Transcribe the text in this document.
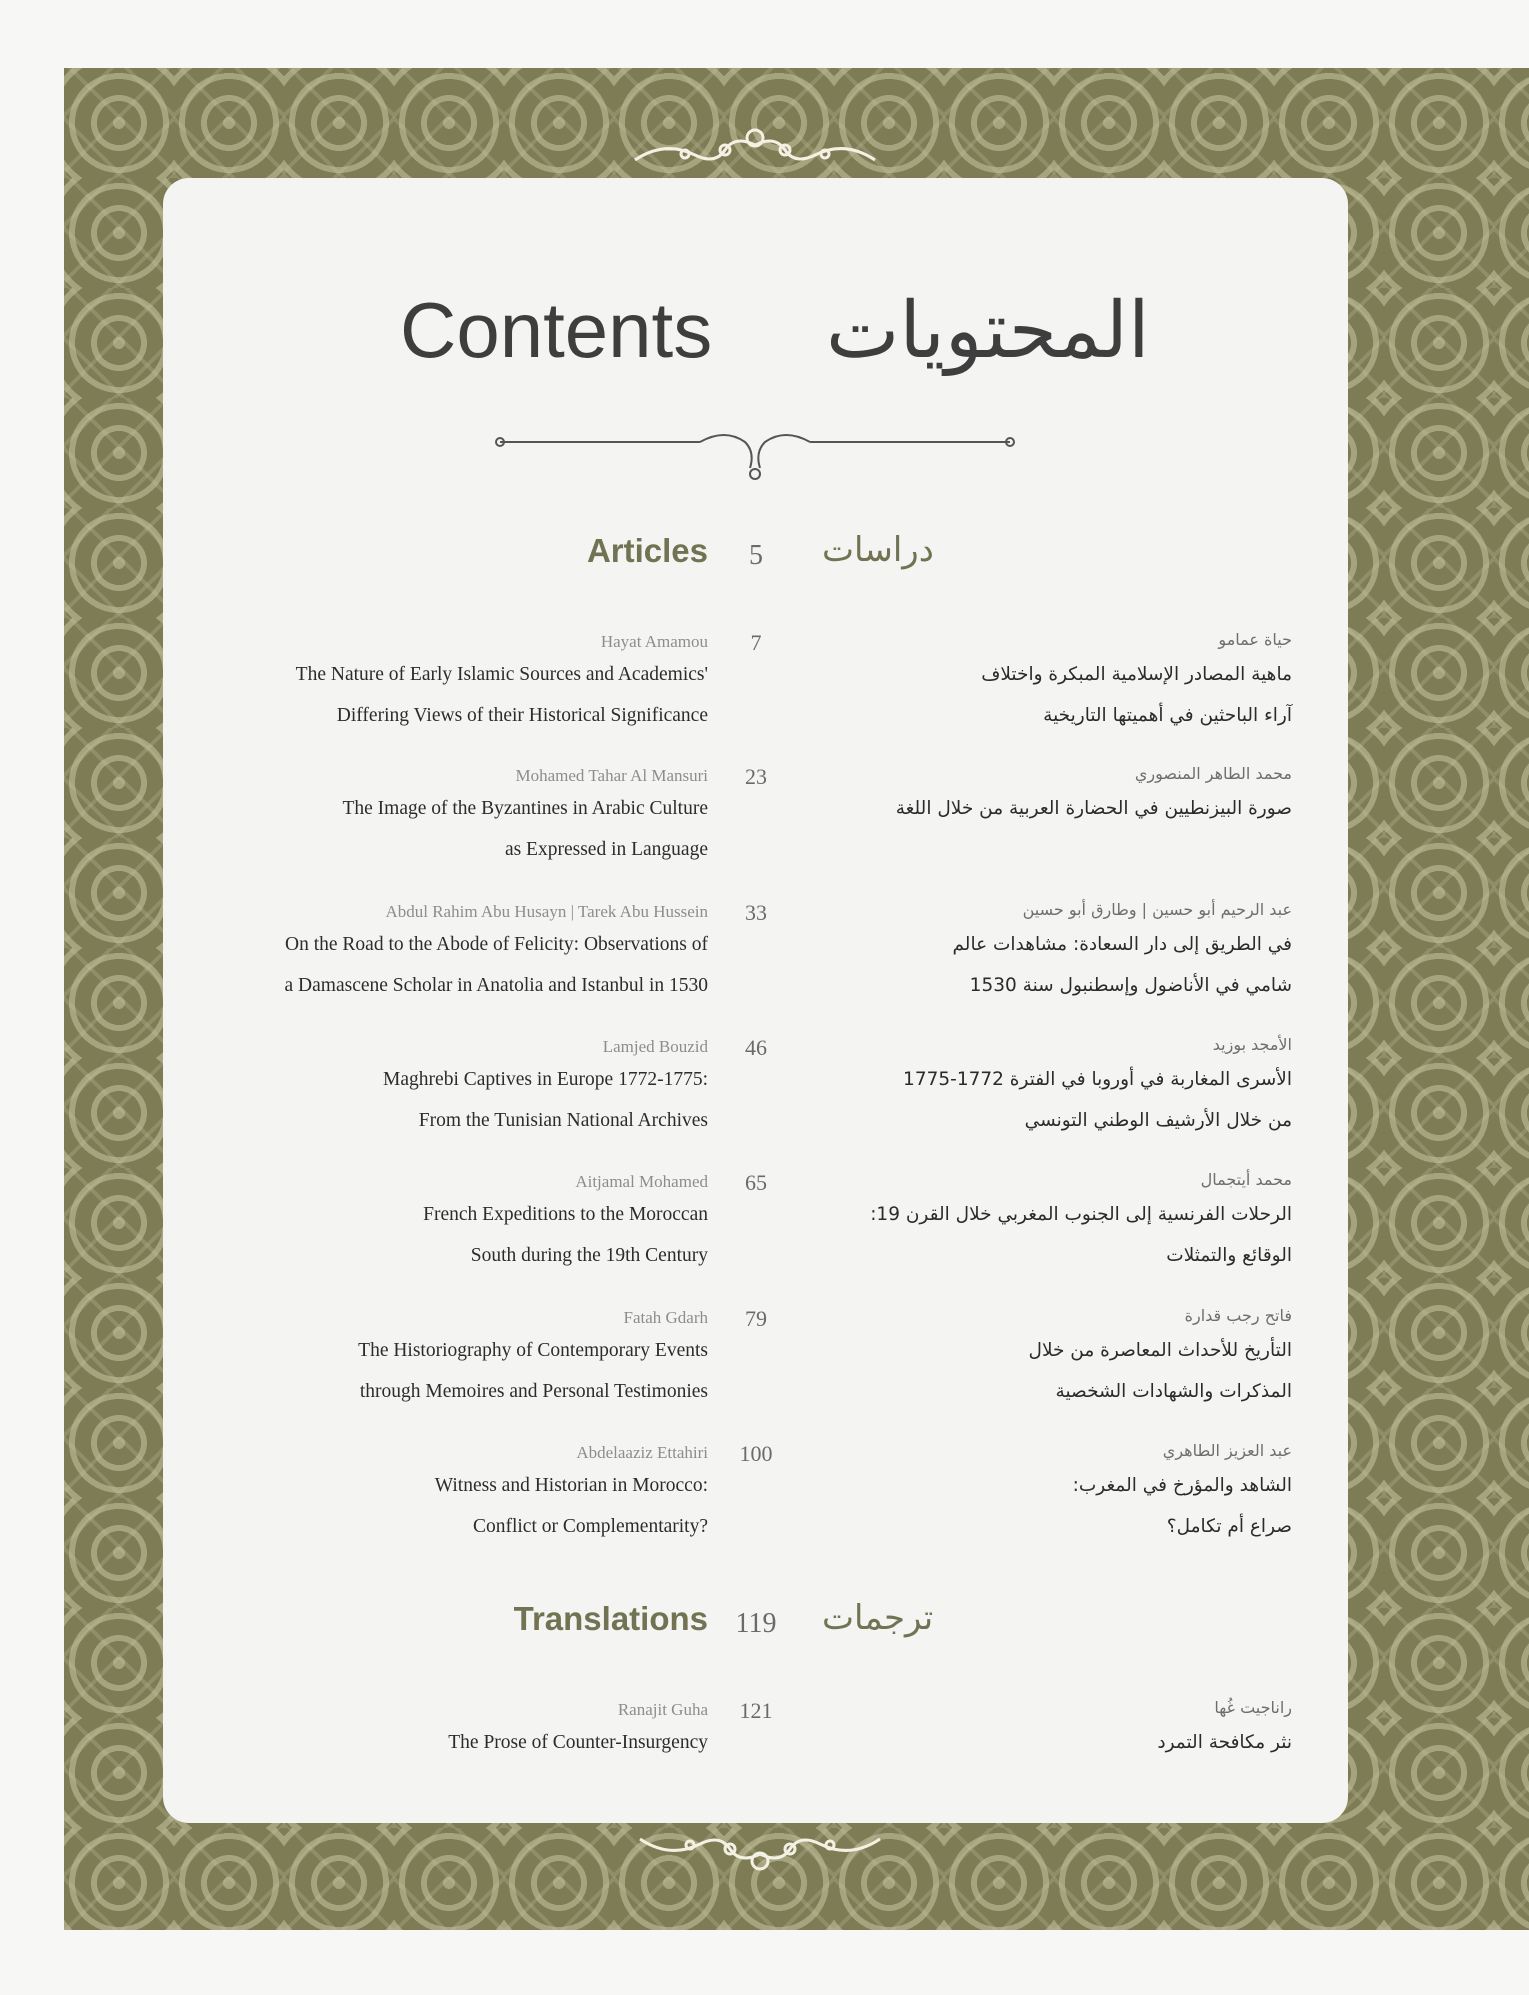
Contents المحتويات
Articles	5	دراسات
Hayat Amamou	7	حياة عمامو
The Nature of Early Islamic Sources and Academics'
Differing Views of their Historical Significance
ماهية المصادر الإسلامية المبكرة واختلاف
آراء الباحثين في أهميتها التاريخية
Mohamed Tahar Al Mansuri	23	محمد الطاهر المنصوري
The Image of the Byzantines in Arabic Culture
as Expressed in Language
صورة البيزنطيين في الحضارة العربية من خلال اللغة
Abdul Rahim Abu Husayn | Tarek Abu Hussein	33	عبد الرحيم أبو حسين | وطارق أبو حسين
On the Road to the Abode of Felicity: Observations of
a Damascene Scholar in Anatolia and Istanbul in 1530
في الطريق إلى دار السعادة: مشاهدات عالم
شامي في الأناضول وإسطنبول سنة 1530
Lamjed Bouzid	46	الأمجد بوزيد
Maghrebi Captives in Europe 1772-1775:
From the Tunisian National Archives
الأسرى المغاربة في أوروبا في الفترة 1772-1775
من خلال الأرشيف الوطني التونسي
Aitjamal Mohamed	65	محمد أيتجمال
French Expeditions to the Moroccan
South during the 19th Century
الرحلات الفرنسية إلى الجنوب المغربي خلال القرن 19:
الوقائع والتمثلات
Fatah Gdarh	79	فاتح رجب قدارة
The Historiography of Contemporary Events
through Memoires and Personal Testimonies
التأريخ للأحداث المعاصرة من خلال
المذكرات والشهادات الشخصية
Abdelaaziz Ettahiri	100	عبد العزيز الطاهري
Witness and Historian in Morocco:
Conflict or Complementarity?
الشاهد والمؤرخ في المغرب:
صراع أم تكامل؟
Ranajit Guha	121	راناجيت غُها
The Prose of Counter-Insurgency	نثر مكافحة التمرد
Translations 119	ترجمات
